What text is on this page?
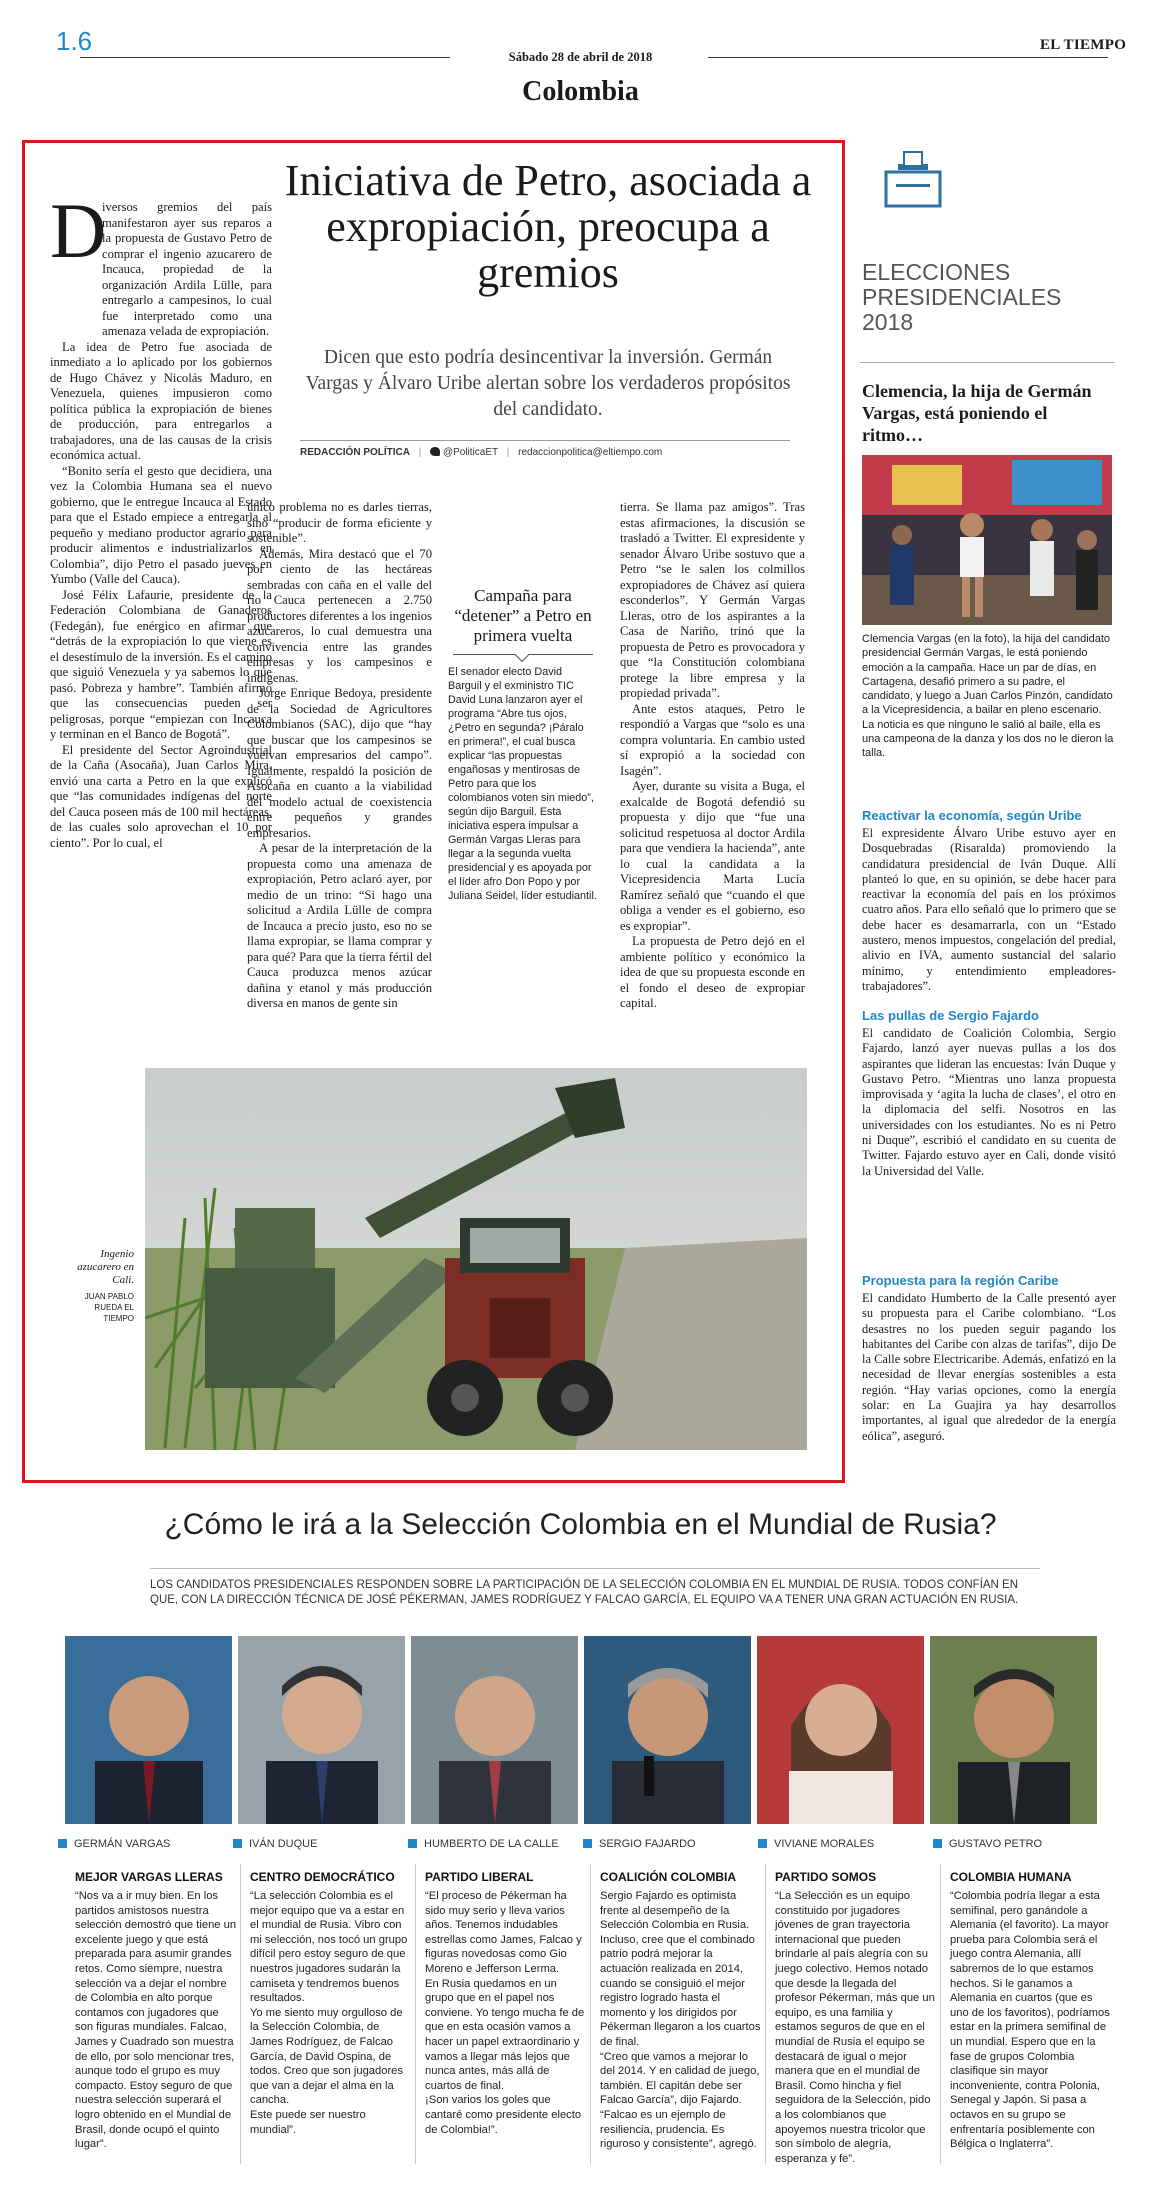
1.6
Sábado 28 de abril de 2018
EL TIEMPO
Colombia
Iniciativa de Petro, asociada a expropiación, preocupa a gremios
Dicen que esto podría desincentivar la inversión. Germán Vargas y Álvaro Uribe alertan sobre los verdaderos propósitos del candidato.
REDACCIÓN POLÍTICA | @PoliticaET | redaccionpolitica@eltiempo.com
D

iversos gremios del país manifestaron ayer sus reparos a la propuesta de Gustavo Petro de comprar el ingenio azucarero de Incauca, propiedad de la organización Ardila Lülle, para entregarlo a campesinos, lo cual fue interpretado como una amenaza velada de expropiación.

La idea de Petro fue asociada de inmediato a lo aplicado por los gobiernos de Hugo Chávez y Nicolás Maduro, en Venezuela, quienes impusieron como política pública la expropiación de bienes de producción, para entregarlos a trabajadores, una de las causas de la crisis económica actual.

“Bonito sería el gesto que decidiera, una vez la Colombia Humana sea el nuevo gobierno, que le entregue Incauca al Estado para que el Estado empiece a entregarla al pequeño y mediano productor agrario para producir alimentos e industrializarlos en Colombia”, dijo Petro el pasado jueves en Yumbo (Valle del Cauca).

José Félix Lafaurie, presidente de la Federación Colombiana de Ganaderos (Fedegán), fue enérgico en afirmar que “detrás de la expropiación lo que viene es el desestímulo de la inversión. Es el camino que siguió Venezuela y ya sabemos lo que pasó. Pobreza y hambre”. También afirmó que las consecuencias pueden ser peligrosas, porque “empiezan con Incauca y terminan en el Banco de Bogotá”.

El presidente del Sector Agroindustrial de la Caña (Asocaña), Juan Carlos Mira, envió una carta a Petro en la que explicó que “las comunidades indígenas del norte del Cauca poseen más de 100 mil hectáreas, de las cuales solo aprovechan el 10 por ciento”. Por lo cual, el

único problema no es darles tierras, sino “producir de forma eficiente y sostenible”.

Además, Mira destacó que el 70 por ciento de las hectáreas sembradas con caña en el valle del río Cauca pertenecen a 2.750 productores diferentes a los ingenios azucareros, lo cual demuestra una convivencia entre las grandes empresas y los campesinos e indígenas.

Jorge Enrique Bedoya, presidente de la Sociedad de Agricultores Colombianos (SAC), dijo que “hay que buscar que los campesinos se vuelvan empresarios del campo”. Igualmente, respaldó la posición de Asocaña en cuanto a la viabilidad del modelo actual de coexistencia entre pequeños y grandes empresarios.

A pesar de la interpretación de la propuesta como una amenaza de expropiación, Petro aclaró ayer, por medio de un trino: “Si hago una solicitud a Ardila Lülle de compra de Incauca a precio justo, eso no se llama expropiar, se llama comprar y para qué? Para que la tierra fértil del Cauca produzca menos azúcar dañina y etanol y más producción diversa en manos de gente sin

Campaña para “detener” a Petro en primera vuelta
El senador electo David Barguil y el exministro TIC David Luna lanzaron ayer el programa “Abre tus ojos, ¿Petro en segunda? ¡Páralo en primera!”, el cual busca explicar “las propuestas engañosas y mentirosas de Petro para que los colombianos voten sin miedo”, según dijo Barguil. Esta iniciativa espera impulsar a Germán Vargas Lleras para llegar a la segunda vuelta presidencial y es apoyada por el líder afro Don Popo y por Juliana Seidel, líder estudiantil.

tierra. Se llama paz amigos”. Tras estas afirmaciones, la discusión se trasladó a Twitter. El expresidente y senador Álvaro Uribe sostuvo que a Petro “se le salen los colmillos expropiadores de Chávez así quiera esconderlos”. Y Germán Vargas Lleras, otro de los aspirantes a la Casa de Nariño, trinó que la propuesta de Petro es provocadora y que “la Constitución colombiana protege la libre empresa y la propiedad privada”.

Ante estos ataques, Petro le respondió a Vargas que “solo es una compra voluntaria. En cambio usted sí expropió a la sociedad con Isagén”.

Ayer, durante su visita a Buga, el exalcalde de Bogotá defendió su propuesta y dijo que “fue una solicitud respetuosa al doctor Ardila para que vendiera la hacienda”, ante lo cual la candidata a la Vicepresidencia Marta Lucía Ramírez señaló que “cuando el que obliga a vender es el gobierno, eso es expropiar”.

La propuesta de Petro dejó en el ambiente político y económico la idea de que su propuesta esconde en el fondo el deseo de expropiar capital.

Ingenio azucarero en Cali.
JUAN PABLO RUEDA EL TIEMPO
ELECCIONES
PRESIDENCIALES
2018
Clemencia, la hija de Germán Vargas, está poniendo el ritmo…
Clemencia Vargas (en la foto), la hija del candidato presidencial Germán Vargas, le está poniendo emoción a la campaña. Hace un par de días, en Cartagena, desafió primero a su padre, el candidato, y luego a Juan Carlos Pinzón, candidato a la Vicepresidencia, a bailar en pleno escenario. La noticia es que ninguno le salió al baile, ella es una campeona de la danza y los dos no le dieron la talla.
Reactivar la economía, según Uribe
El expresidente Álvaro Uribe estuvo ayer en Dosquebradas (Risaralda) promoviendo la candidatura presidencial de Iván Duque. Allí planteó lo que, en su opinión, se debe hacer para reactivar la economía del país en los próximos cuatro años. Para ello señaló que lo primero que se debe hacer es desamarrarla, con un “Estado austero, menos impuestos, congelación del predial, alivio en IVA, aumento sustancial del salario mínimo, y entendimiento empleadores-trabajadores”.
Las pullas de Sergio Fajardo
El candidato de Coalición Colombia, Sergio Fajardo, lanzó ayer nuevas pullas a los dos aspirantes que lideran las encuestas: Iván Duque y Gustavo Petro. “Mientras uno lanza propuesta improvisada y ‘agita la lucha de clases’, el otro en la diplomacia del selfi. Nosotros en las universidades con los estudiantes. No es ni Petro ni Duque”, escribió el candidato en su cuenta de Twitter. Fajardo estuvo ayer en Cali, donde visitó la Universidad del Valle.
Propuesta para la región Caribe
El candidato Humberto de la Calle presentó ayer su propuesta para el Caribe colombiano. “Los desastres no los pueden seguir pagando los habitantes del Caribe con alzas de tarifas”, dijo De la Calle sobre Electricaribe. Además, enfatizó en la necesidad de llevar energías sostenibles a esta región. “Hay varias opciones, como la energía solar: en La Guajira ya hay desarrollos importantes, al igual que alrededor de la energía eólica”, aseguró.
¿Cómo le irá a la Selección Colombia en el Mundial de Rusia?
LOS CANDIDATOS PRESIDENCIALES RESPONDEN SOBRE LA PARTICIPACIÓN DE LA SELECCIÓN COLOMBIA EN EL MUNDIAL DE RUSIA. TODOS CONFÍAN EN QUE, CON LA DIRECCIÓN TÉCNICA DE JOSÉ PÉKERMAN, JAMES RODRÍGUEZ Y FALCAO GARCÍA, EL EQUIPO VA A TENER UNA GRAN ACTUACIÓN EN RUSIA.
GERMÁN VARGAS
MEJOR VARGAS LLERAS
“Nos va a ir muy bien. En los partidos amistosos nuestra selección demostró que tiene un excelente juego y que está preparada para asumir grandes retos. Como siempre, nuestra selección va a dejar el nombre de Colombia en alto porque contamos con jugadores que son figuras mundiales. Falcao, James y Cuadrado son muestra de ello, por solo mencionar tres, aunque todo el grupo es muy compacto. Estoy seguro de que nuestra selección superará el logro obtenido en el Mundial de Brasil, donde ocupó el quinto lugar”.
IVÁN DUQUE
CENTRO DEMOCRÁTICO
“La selección Colombia es el mejor equipo que va a estar en el mundial de Rusia. Vibro con mi selección, nos tocó un grupo difícil pero estoy seguro de que nuestros jugadores sudarán la camiseta y tendremos buenos resultados.
Yo me siento muy orgulloso de la Selección Colombia, de James Rodríguez, de Falcao García, de David Ospina, de todos. Creo que son jugadores que van a dejar el alma en la cancha.
Este puede ser nuestro mundial”.
HUMBERTO DE LA CALLE
PARTIDO LIBERAL
“El proceso de Pékerman ha sido muy serio y lleva varios años. Tenemos indudables estrellas como James, Falcao y figuras novedosas como Gio Moreno e Jefferson Lerma.
En Rusia quedamos en un grupo que en el papel nos conviene. Yo tengo mucha fe de que en esta ocasión vamos a hacer un papel extraordinario y vamos a llegar más lejos que nunca antes, más allá de cuartos de final.
¡Son varios los goles que cantaré como presidente electo de Colombia!”.
SERGIO FAJARDO
COALICIÓN COLOMBIA
Sergio Fajardo es optimista frente al desempeño de la Selección Colombia en Rusia. Incluso, cree que el combinado patrio podrá mejorar la actuación realizada en 2014, cuando se consiguió el mejor registro logrado hasta el momento y los dirigidos por Pékerman llegaron a los cuartos de final.
“Creo que vamos a mejorar lo del 2014. Y en calidad de juego, también. El capitán debe ser Falcao García”, dijo Fajardo.
“Falcao es un ejemplo de resiliencia, prudencia. Es riguroso y consistente”, agregó.
VIVIANE MORALES
PARTIDO SOMOS
“La Selección es un equipo constituido por jugadores jóvenes de gran trayectoria internacional que pueden brindarle al país alegría con su juego colectivo. Hemos notado que desde la llegada del profesor Pékerman, más que un equipo, es una familia y estamos seguros de que en el mundial de Rusia el equipo se destacará de igual o mejor manera que en el mundial de Brasil. Como hincha y fiel seguidora de la Selección, pido a los colombianos que apoyemos nuestra tricolor que son símbolo de alegría, esperanza y fe”.
GUSTAVO PETRO
COLOMBIA HUMANA
“Colombia podría llegar a esta semifinal, pero ganándole a Alemania (el favorito). La mayor prueba para Colombia será el juego contra Alemania, allí sabremos de lo que estamos hechos. Si le ganamos a Alemania en cuartos (que es uno de los favoritos), podríamos estar en la primera semifinal de un mundial. Espero que en la fase de grupos Colombia clasifique sin mayor inconveniente, contra Polonia, Senegal y Japón. Si pasa a octavos en su grupo se enfrentaría posiblemente con Bélgica o Inglaterra”.
